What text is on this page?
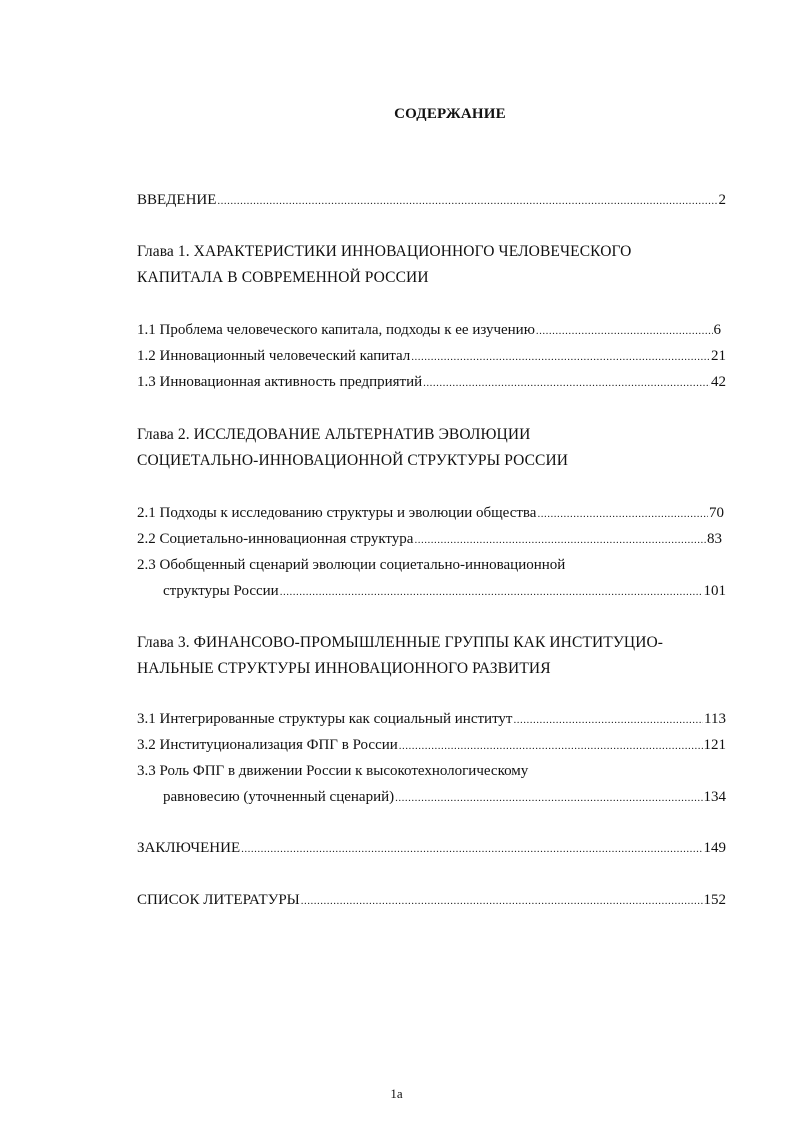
СОДЕРЖАНИЕ
ВВЕДЕНИЕ .....	2
Глава 1. ХАРАКТЕРИСТИКИ ИННОВАЦИОННОГО ЧЕЛОВЕЧЕСКОГО
КАПИТАЛА В СОВРЕМЕННОЙ РОССИИ
1.1 Проблема человеческого капитала, подходы к ее изучению .....	6
1.2 Инновационный человеческий капитал .....	21
1.3 Инновационная активность предприятий .....	42
Глава 2. ИССЛЕДОВАНИЕ АЛЬТЕРНАТИВ ЭВОЛЮЦИИ
СОЦИЕТАЛЬНО-ИННОВАЦИОННОЙ СТРУКТУРЫ РОССИИ
2.1 Подходы к исследованию структуры и эволюции общества .....	70
2.2 Социетально-инновационная структура .....	83
2.3 Обобщенный сценарий эволюции социетально-инновационной
структуры России .....	101
Глава 3. ФИНАНСОВО-ПРОМЫШЛЕННЫЕ ГРУППЫ КАК ИНСТИТУЦИО-
НАЛЬНЫЕ СТРУКТУРЫ ИННОВАЦИОННОГО РАЗВИТИЯ
3.1 Интегрированные структуры как социальный институт .....	113
3.2 Институционализация ФПГ в России .....	121
3.3 Роль ФПГ в движении России к высокотехнологическому
равновесию (уточненный сценарий) .....	134
ЗАКЛЮЧЕНИЕ .....	149
СПИСОК ЛИТЕРАТУРЫ .....	152
1а
